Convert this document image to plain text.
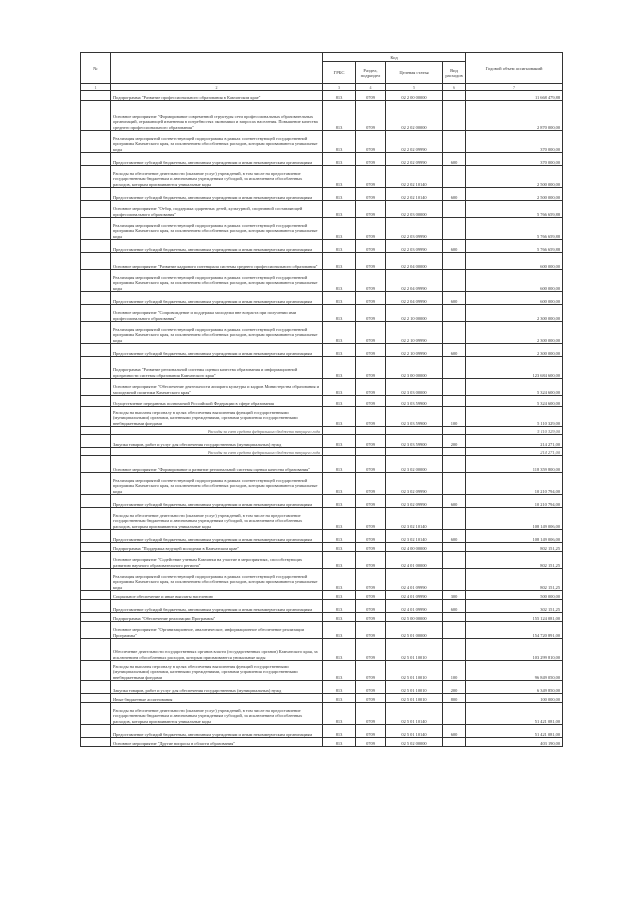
№		Код				Годовой объем ассигнований
		ГРБС	Раздел, подраздел	Целевая статья	Вид расходов	
1	2	3	4	5	6	7
	Подпрограмма "Развитие профессионального образования в Камчатском крае"	813	0709	02 2 00 00000		11 668 479,88
	Основное мероприятие "Формирование современной структуры сети профессиональных образовательных организаций, отражающей изменения в потребностях экономики и запросах населения. Повышение качества среднего профессионального образования"	813	0709	02 2 02 00000		2 870 000,00
	Реализация мероприятий соответствующей подпрограммы в рамках соответствующей государственной программы Камчатского края, за исключением обособленных расходов, которым присваиваются уникальные коды	813	0709	02 2 02 09990		370 000,00
	Предоставление субсидий бюджетным, автономным учреждениям и иным некоммерческим организациям	813	0709	02 2 02 09990	600	370 000,00
	Расходы на обеспечение деятельности (оказание услуг) учреждений, в том числе на предоставление государственным бюджетным и автономным учреждениям субсидий, за исключением обособленных расходов, которым присваиваются уникальные коды	813	0709	02 2 02 10140		2 500 000,00
	Предоставление субсидий бюджетным, автономным учреждениям и иным некоммерческим организациям	813	0709	02 2 02 10140	600	2 500 000,00
	Основное мероприятие "Отбор, поддержка одаренных детей, культурной, спортивной составляющей профессионального образования"	813	0709	02 2 03 00000		5 766 659,88
	Реализация мероприятий соответствующей подпрограммы в рамках соответствующей государственной программы Камчатского края, за исключением обособленных расходов, которым присваиваются уникальные коды	813	0709	02 2 03 09990		5 766 659,88
	Предоставление субсидий бюджетным, автономным учреждениям и иным некоммерческим организациям	813	0709	02 2 03 09990	600	5 766 659,88
	Основное мероприятие "Развитие кадрового потенциала системы среднего профессионального образования"	813	0709	02 2 04 00000		600 000,00
	Реализация мероприятий соответствующей подпрограммы в рамках соответствующей государственной программы Камчатского края, за исключением обособленных расходов, которым присваиваются уникальные коды	813	0709	02 2 04 09990		600 000,00
	Предоставление субсидий бюджетным, автономным учреждениям и иным некоммерческим организациям	813	0709	02 2 04 09990	600	600 000,00
	Основное мероприятие "Сопровождение и поддержка молодежи вне возраста при получении ими профессионального образования"	813	0709	02 2 10 00000		2 300 000,00
	Реализация мероприятий соответствующей подпрограммы в рамках соответствующей государственной программы Камчатского края, за исключением обособленных расходов, которым присваиваются уникальные коды	813	0709	02 2 10 09990		2 300 000,00
	Предоставление субсидий бюджетным, автономным учреждениям и иным некоммерческим организациям	813	0709	02 2 10 09990	600	2 300 000,00
	Подпрограмма "Развитие региональной системы оценки качества образования и информационной прозрачности системы образования Камчатского края"	813	0709	02 3 00 00000		123 684 600,00
	Основное мероприятие "Обеспечение деятельности аппарата культуры и кадров Министерства образования и молодежной политики Камчатского края"	813	0709	02 3 03 00000		5 324 600,00
	Осуществление переданных полномочий Российской Федерации в сфере образования	813	0709	02 3 03 59900		5 324 600,00
	Расходы на выплаты персоналу в целях обеспечения выполнения функций государственными (муниципальными) органами, казенными учреждениями, органами управления государственными внебюджетными фондами	813	0709	02 3 03 59900	100	5 110 329,00
	Расходы за счет средств федерального бюджета текущего года					5 110 329,00
	Закупка товаров, работ и услуг для обеспечения государственных (муниципальных) нужд	813	0709	02 3 03 59900	200	214 271,00
	Расходы за счет средств федерального бюджета текущего года					214 271,00
	Основное мероприятие "Формирование и развитие региональной системы оценки качества образования"	813	0709	02 3 02 00000		118 359 800,00
	Реализация мероприятий соответствующей подпрограммы в рамках соответствующей государственной программы Камчатского края, за исключением обособленных расходов, которым присваиваются уникальные коды	813	0709	02 3 02 09990		10 210 794,00
	Предоставление субсидий бюджетным, автономным учреждениям и иным некоммерческим организациям	813	0709	02 3 02 09990	600	10 210 794,00
	Расходы на обеспечение деятельности (оказание услуг) учреждений, в том числе на предоставление государственным бюджетным и автономным учреждениям субсидий, за исключением обособленных расходов, которым присваиваются уникальные коды	813	0709	02 3 02 10140		108 149 006,00
	Предоставление субсидий бюджетным, автономным учреждениям и иным некоммерческим организациям	813	0709	02 3 02 10140	600	108 149 006,00
	Подпрограмма "Поддержка ведущей молодежи в Камчатском крае"	813	0709	02 4 00 00000		802 151,25
	Основное мероприятие "Содействие ученым Камчатки на участие в мероприятиях, способствующих развитию научного образовательного региона"	813	0709	02 4 01 00000		802 151,25
	Реализация мероприятий соответствующей подпрограммы в рамках соответствующей государственной программы Камчатского края, за исключением обособленных расходов, которым присваиваются уникальные коды	813	0709	02 4 01 09990		802 151,25
	Социальное обеспечение и иные выплаты населению	813	0709	02 4 01 09990	300	500 000,00
	Предоставление субсидий бюджетным, автономным учреждениям и иным некоммерческим организациям	813	0709	02 4 01 09990	600	302 151,25
	Подпрограмма "Обеспечение реализации Программы"	813	0709	02 5 00 00000		155 124 081,00
	Основное мероприятие "Организационное, аналитическое, информационное обеспечение реализации Программы"	813	0709	02 5 01 00000		154 720 891,00
	Обеспечение деятельности государственных органов власти (государственных органов) Камчатского края, за исключением обособленных расходов, которым присваиваются уникальные коды	813	0709	02 5 01 10010		103 299 810,00
	Расходы на выплаты персоналу в целях обеспечения выполнения функций государственными (муниципальными) органами, казенными учреждениями, органами управления государственными внебюджетными фондами	813	0709	02 5 01 10010	100	96 849 050,00
	Закупка товаров, работ и услуг для обеспечения государственных (муниципальных) нужд	813	0709	02 5 01 10010	200	6 349 850,00
	Иные бюджетные ассигнования	813	0709	02 5 01 10010	800	100 000,00
	Расходы на обеспечение деятельности (оказание услуг) учреждений, в том числе на предоставление государственным бюджетным и автономным учреждениям субсидий, за исключением обособленных расходов, которым присваиваются уникальные коды	813	0709	02 5 01 10140		51 421 081,00
	Предоставление субсидий бюджетным, автономным учреждениям и иным некоммерческим организациям	813	0709	02 5 01 10140	600	51 421 081,00
	Основное мероприятие "Другие вопросы в области образования"	813	0709	02 5 02 00000		403 190,00
